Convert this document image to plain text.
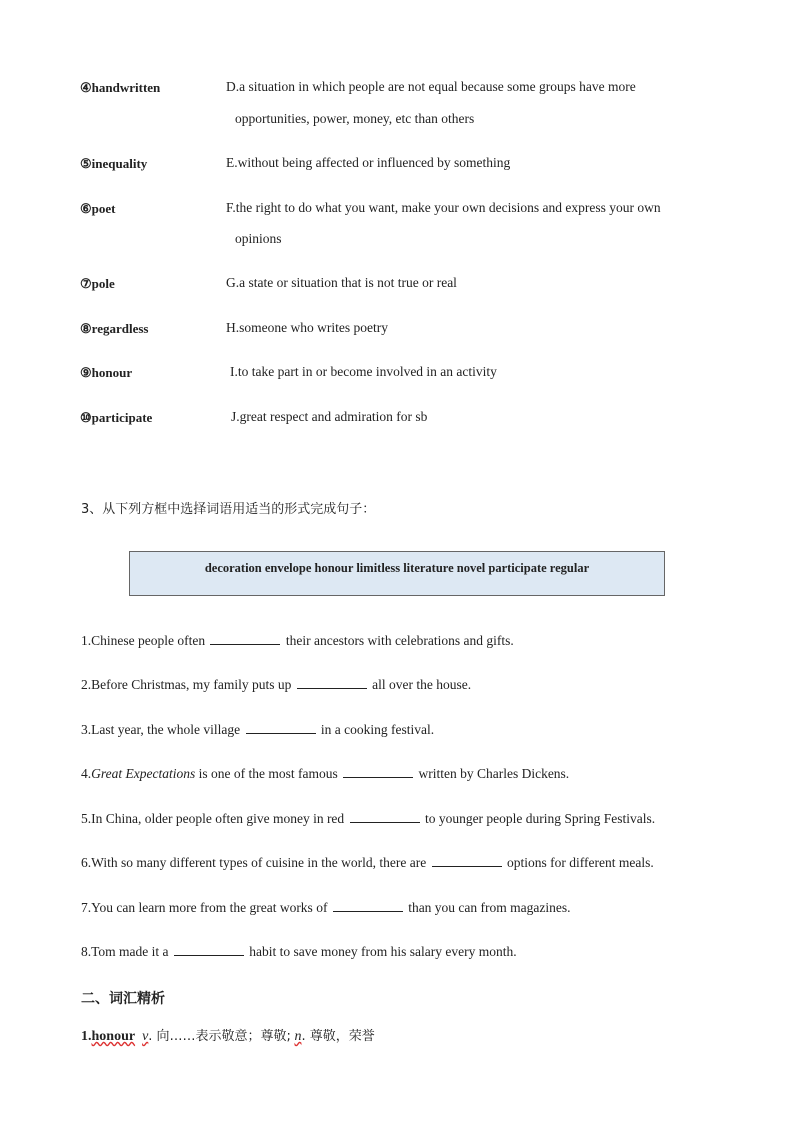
④handwritten	D.a situation in which people are not equal because some groups have more
opportunities, power, money, etc than others
⑤inequality	E.without being affected or influenced by something
⑥poet	F.the right to do what you want, make your own decisions and express your own
opinions
⑦pole	G.a state or situation that is not true or real
⑧regardless	H.someone who writes poetry
⑨honour	I.to take part in or become involved in an activity
⑩participate	J.great respect and admiration for sb
3、从下列方框中选择词语用适当的形式完成句子：
decoration envelope honour limitless literature novel participate regular
1.Chinese people often	their ancestors with celebrations and gifts.
2.Before Christmas, my family puts up	all over the house.
3.Last year, the whole village	in a cooking festival.
4.Great Expectations is one of the most famous	written by Charles Dickens.
5.In China, older people often give money in red	to younger people during Spring Festivals.
6.With so many different types of cuisine in the world, there are	options for different meals.
7.You can learn more from the great works of	than you can from magazines.
8.Tom made it a	habit to save money from his salary every month.
二、词汇精析
1.honour v. 向……表示敬意；尊敬; n. 尊敬，荣誉
